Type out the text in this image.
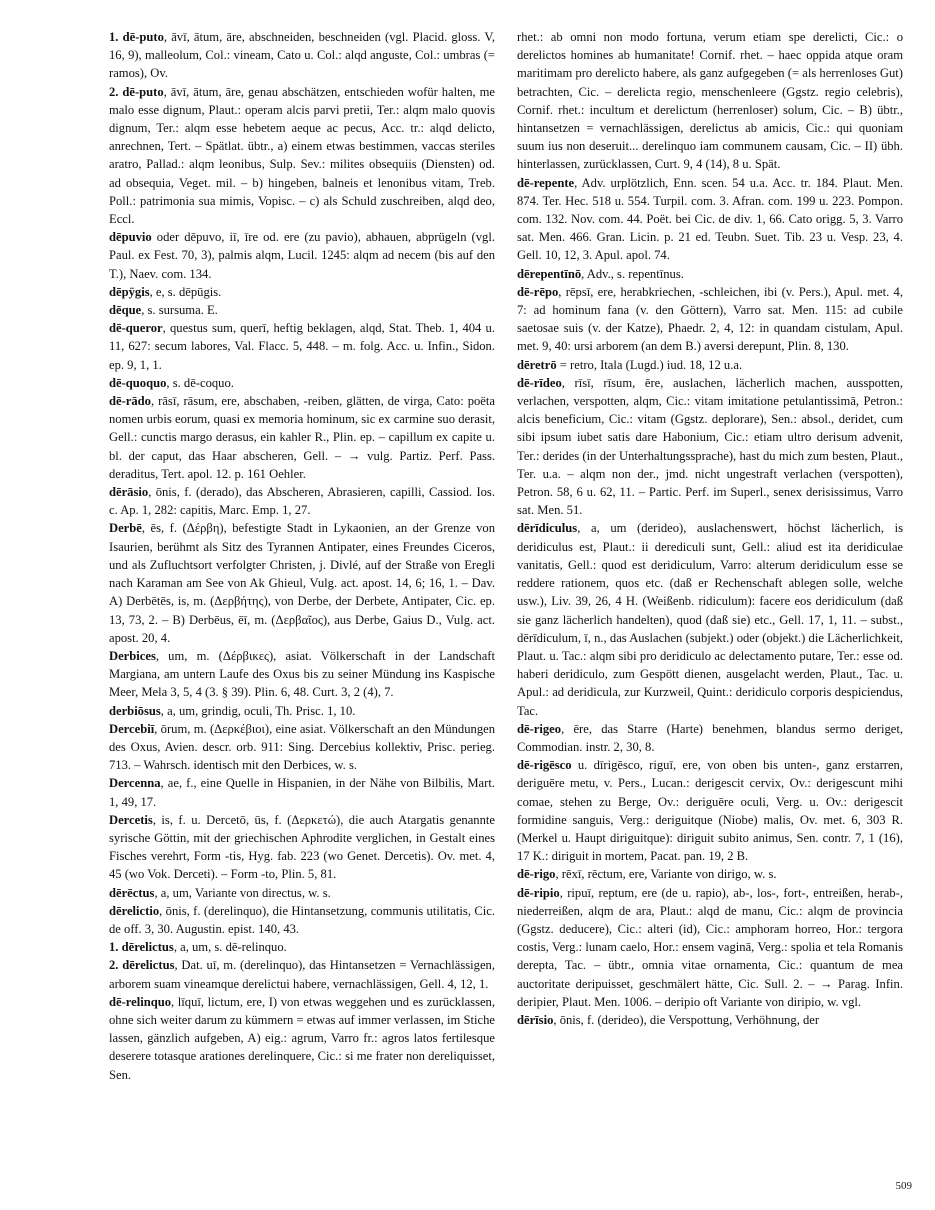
1. dē-puto, āvī, ātum, āre, abschneiden, beschneiden (vgl. Placid. gloss. V, 16, 9), malleolum, Col.: vineam, Cato u. Col.: alqd anguste, Col.: umbras (= ramos), Ov.

2. dē-puto, āvī, ātum, āre, genau abschätzen, entschieden wofür halten, me malo esse dignum, Plaut.: operam alcis parvi pretii, Ter.: alqm malo quovis dignum, Ter.: alqm esse hebetem aeque ac pecus, Acc. tr.: alqd delicto, anrechnen, Tert. – Spätlat. übtr., a) einem etwas bestimmen, vaccas steriles aratro, Pallad.: alqm leonibus, Sulp. Sev.: milites obsequiis (Diensten) od. ad obsequia, Veget. mil. – b) hingeben, balneis et lenonibus vitam, Treb. Poll.: patrimonia sua mimis, Vopisc. – c) als Schuld zuschreiben, alqd deo, Eccl.

dēpuvio oder dēpuvo, iī, īre od. ere (zu pavio), abhauen, abprügeln (vgl. Paul. ex Fest. 70, 3), palmis alqm, Lucil. 1245: alqm ad necem (bis auf den T.), Naev. com. 134.

dēpÿgis, e, s. dēpūgis.

dēque, s. sursuma. E.

dē-queror, questus sum, querī, heftig beklagen, alqd, Stat. Theb. 1, 404 u. 11, 627: secum labores, Val. Flacc. 5, 448. – m. folg. Acc. u. Infin., Sidon. ep. 9, 1, 1.

dē-quoquo, s. dē-coquo.

dē-rādo, rāsī, rāsum, ere, abschaben, -reiben, glätten, de virga, Cato: poëta nomen urbis eorum, quasi ex memoria hominum, sic ex carmine suo derasit, Gell.: cunctis margo derasus, ein kahler R., Plin. ep. – capillum ex capite u. bl. der caput, das Haar abscheren, Gell. – → vulg. Partiz. Perf. Pass. deraditus, Tert. apol. 12. p. 161 Oehler.

dērāsio, ōnis, f. (derado), das Abscheren, Abrasieren, capilli, Cassiod. Ios. c. Ap. 1, 282: capitis, Marc. Emp. 1, 27.

Derbē, ēs, f. (Δέρβη), befestigte Stadt in Lykaonien, an der Grenze von Isaurien, berühmt als Sitz des Tyrannen Antipater, eines Freundes Ciceros, und als Zufluchtsort verfolgter Christen, j. Divlé, auf der Straße von Eregli nach Karaman am See von Ak Ghieul, Vulg. act. apost. 14, 6; 16, 1. – Dav. A) Derbētēs, is, m. (Δερβήτης), von Derbe, der Derbete, Antipater, Cic. ep. 13, 73, 2. – B) Derbēus, ēī, m. (Δερβαῖος), aus Derbe, Gaius D., Vulg. act. apost. 20, 4.

Derbices, um, m. (Δέρβικες), asiat. Völkerschaft in der Landschaft Margiana, am untern Laufe des Oxus bis zu seiner Mündung ins Kaspische Meer, Mela 3, 5, 4 (3. § 39). Plin. 6, 48. Curt. 3, 2 (4), 7.

derbiōsus, a, um, grindig, oculi, Th. Prisc. 1, 10.

Dercebiī, ōrum, m. (Δερκέβιοι), eine asiat. Völkerschaft an den Mündungen des Oxus, Avien. descr. orb. 911: Sing. Dercebius kollektiv, Prisc. perieg. 713. – Wahrsch. identisch mit den Derbices, w. s.

Dercenna, ae, f., eine Quelle in Hispanien, in der Nähe von Bilbilis, Mart. 1, 49, 17.

Dercetis, is, f. u. Dercetō, ūs, f. (Δερκετώ), die auch Atargatis genannte syrische Göttin, mit der griechischen Aphrodite verglichen, in Gestalt eines Fisches verehrt, Form -tis, Hyg. fab. 223 (wo Genet. Dercetis). Ov. met. 4, 45 (wo Vok. Derceti). – Form -to, Plin. 5, 81.

dērēctus, a, um, Variante von directus, w. s.

dērelictio, ōnis, f. (derelinquo), die Hintansetzung, communis utilitatis, Cic. de off. 3, 30. Augustin. epist. 140, 43.

1. dērelictus, a, um, s. dē-relinquo.

2. dērelictus, Dat. uī, m. (derelinquo), das Hintansetzen = Vernachlässigen, arborem suam vineamque derelictui habere, vernachlässigen, Gell. 4, 12, 1.

dē-relinquo, līquī, lictum, ere, I) von etwas weggehen und es zurücklassen, ohne sich weiter darum zu kümmern = etwas auf immer verlassen, im Stiche lassen, gänzlich aufgeben, A) eig.: agrum, Varro fr.: agros latos fertilesque deserere totasque arationes derelinquere, Cic.: si me frater non dereliquisset, Sen.

rhet.: ab omni non modo fortuna, verum etiam spe derelicti, Cic.: o derelictos homines ab humanitate! Cornif. rhet. – haec oppida atque oram maritimam pro derelicto habere, als ganz aufgegeben (= als herrenloses Gut) betrachten, Cic. – derelicta regio, menschenleere (Ggstz. regio celebris), Cornif. rhet.: incultum et derelictum (herrenloser) solum, Cic. – B) übtr., hintansetzen = vernachlässigen, derelictus ab amicis, Cic.: qui quoniam suum ius non deseruit... derelinquo iam communem causam, Cic. – II) übh. hinterlassen, zurücklassen, Curt. 9, 4 (14), 8 u. Spät.

dē-repente, Adv. urplötzlich, Enn. scen. 54 u.a. Acc. tr. 184. Plaut. Men. 874. Ter. Hec. 518 u. 554. Turpil. com. 3. Afran. com. 199 u. 223. Pompon. com. 132. Nov. com. 44. Poët. bei Cic. de div. 1, 66. Cato origg. 5, 3. Varro sat. Men. 466. Gran. Licin. p. 21 ed. Teubn. Suet. Tib. 23 u. Vesp. 23, 4. Gell. 10, 12, 3. Apul. apol. 74.

dērepentīnō, Adv., s. repentīnus.

dē-rēpo, rēpsī, ere, herabkriechen, -schleichen, ibi (v. Pers.), Apul. met. 4, 7: ad hominum fana (v. den Göttern), Varro sat. Men. 115: ad cubile saetosae suis (v. der Katze), Phaedr. 2, 4, 12: in quandam cistulam, Apul. met. 9, 40: ursi arborem (an dem B.) aversi derepunt, Plin. 8, 130.

dēretrō = retro, Itala (Lugd.) iud. 18, 12 u.a.

dē-rīdeo, rīsī, rīsum, ēre, auslachen, lächerlich machen, ausspotten, verlachen, verspotten, alqm, Cic.: vitam imitatione petulantissimā, Petron.: alcis beneficium, Cic.: vitam (Ggstz. deplorare), Sen.: absol., deridet, cum sibi ipsum iubet satis dare Habonium, Cic.: etiam ultro derisum advenit, Ter.: derides (in der Unterhaltungssprache), hast du mich zum besten, Plaut., Ter. u.a. – alqm non der., jmd. nicht ungestraft verlachen (verspotten), Petron. 58, 6 u. 62, 11. – Partic. Perf. im Superl., senex derisissimus, Varro sat. Men. 51.

dērīdiculus, a, um (derideo), auslachenswert, höchst lächerlich, is deridiculus est, Plaut.: ii derediculi sunt, Gell.: aliud est ita deridiculae vanitatis, Gell.: quod est deridiculum, Varro: alterum deridiculum esse se reddere rationem, quos etc. (daß er Rechenschaft ablegen solle, welche usw.), Liv. 39, 26, 4 H. (Weißenb. ridiculum): facere eos deridiculum (daß sie ganz lächerlich handelten), quod (daß sie) etc., Gell. 17, 1, 11. – subst., dērīdiculum, ī, n., das Auslachen (subjekt.) oder (objekt.) die Lächerlichkeit, Plaut. u. Tac.: alqm sibi pro deridiculo ac delectamento putare, Ter.: esse od. haberi deridiculo, zum Gespött dienen, ausgelacht werden, Plaut., Tac. u. Apul.: ad deridicula, zur Kurzweil, Quint.: deridiculo corporis despiciendus, Tac.

dē-rigeo, ēre, das Starre (Harte) benehmen, blandus sermo deriget, Commodian. instr. 2, 30, 8.

dē-rigēsco u. dīrigēsco, riguī, ere, von oben bis unten-, ganz erstarren, deriguēre metu, v. Pers., Lucan.: derigescit cervix, Ov.: derigescunt mihi comae, stehen zu Berge, Ov.: deriguēre oculi, Verg. u. Ov.: derigescit formidine sanguis, Verg.: deriguitque (Niobe) malis, Ov. met. 6, 303 R. (Merkel u. Haupt diriguitque): diriguit subito animus, Sen. contr. 7, 1 (16), 17 K.: diriguit in mortem, Pacat. pan. 19, 2 B.

dē-rigo, rēxī, rēctum, ere, Variante von dirigo, w. s.

dē-ripio, ripuī, reptum, ere (de u. rapio), ab-, los-, fort-, entreißen, herab-, niederreißen, alqm de ara, Plaut.: alqd de manu, Cic.: alqm de provincia (Ggstz. deducere), Cic.: alteri (id), Cic.: amphoram horreo, Hor.: tergora costis, Verg.: lunam caelo, Hor.: ensem vaginā, Verg.: spolia et tela Romanis derepta, Tac. – übtr., omnia vitae ornamenta, Cic.: quantum de mea auctoritate deripuisset, geschmälert hätte, Cic. Sull. 2. – → Parag. Infin. deripier, Plaut. Men. 1006. – deripio oft Variante von diripio, w. vgl.

dērīsio, ōnis, f. (derideo), die Verspottung, Verhöhnung, der

509
